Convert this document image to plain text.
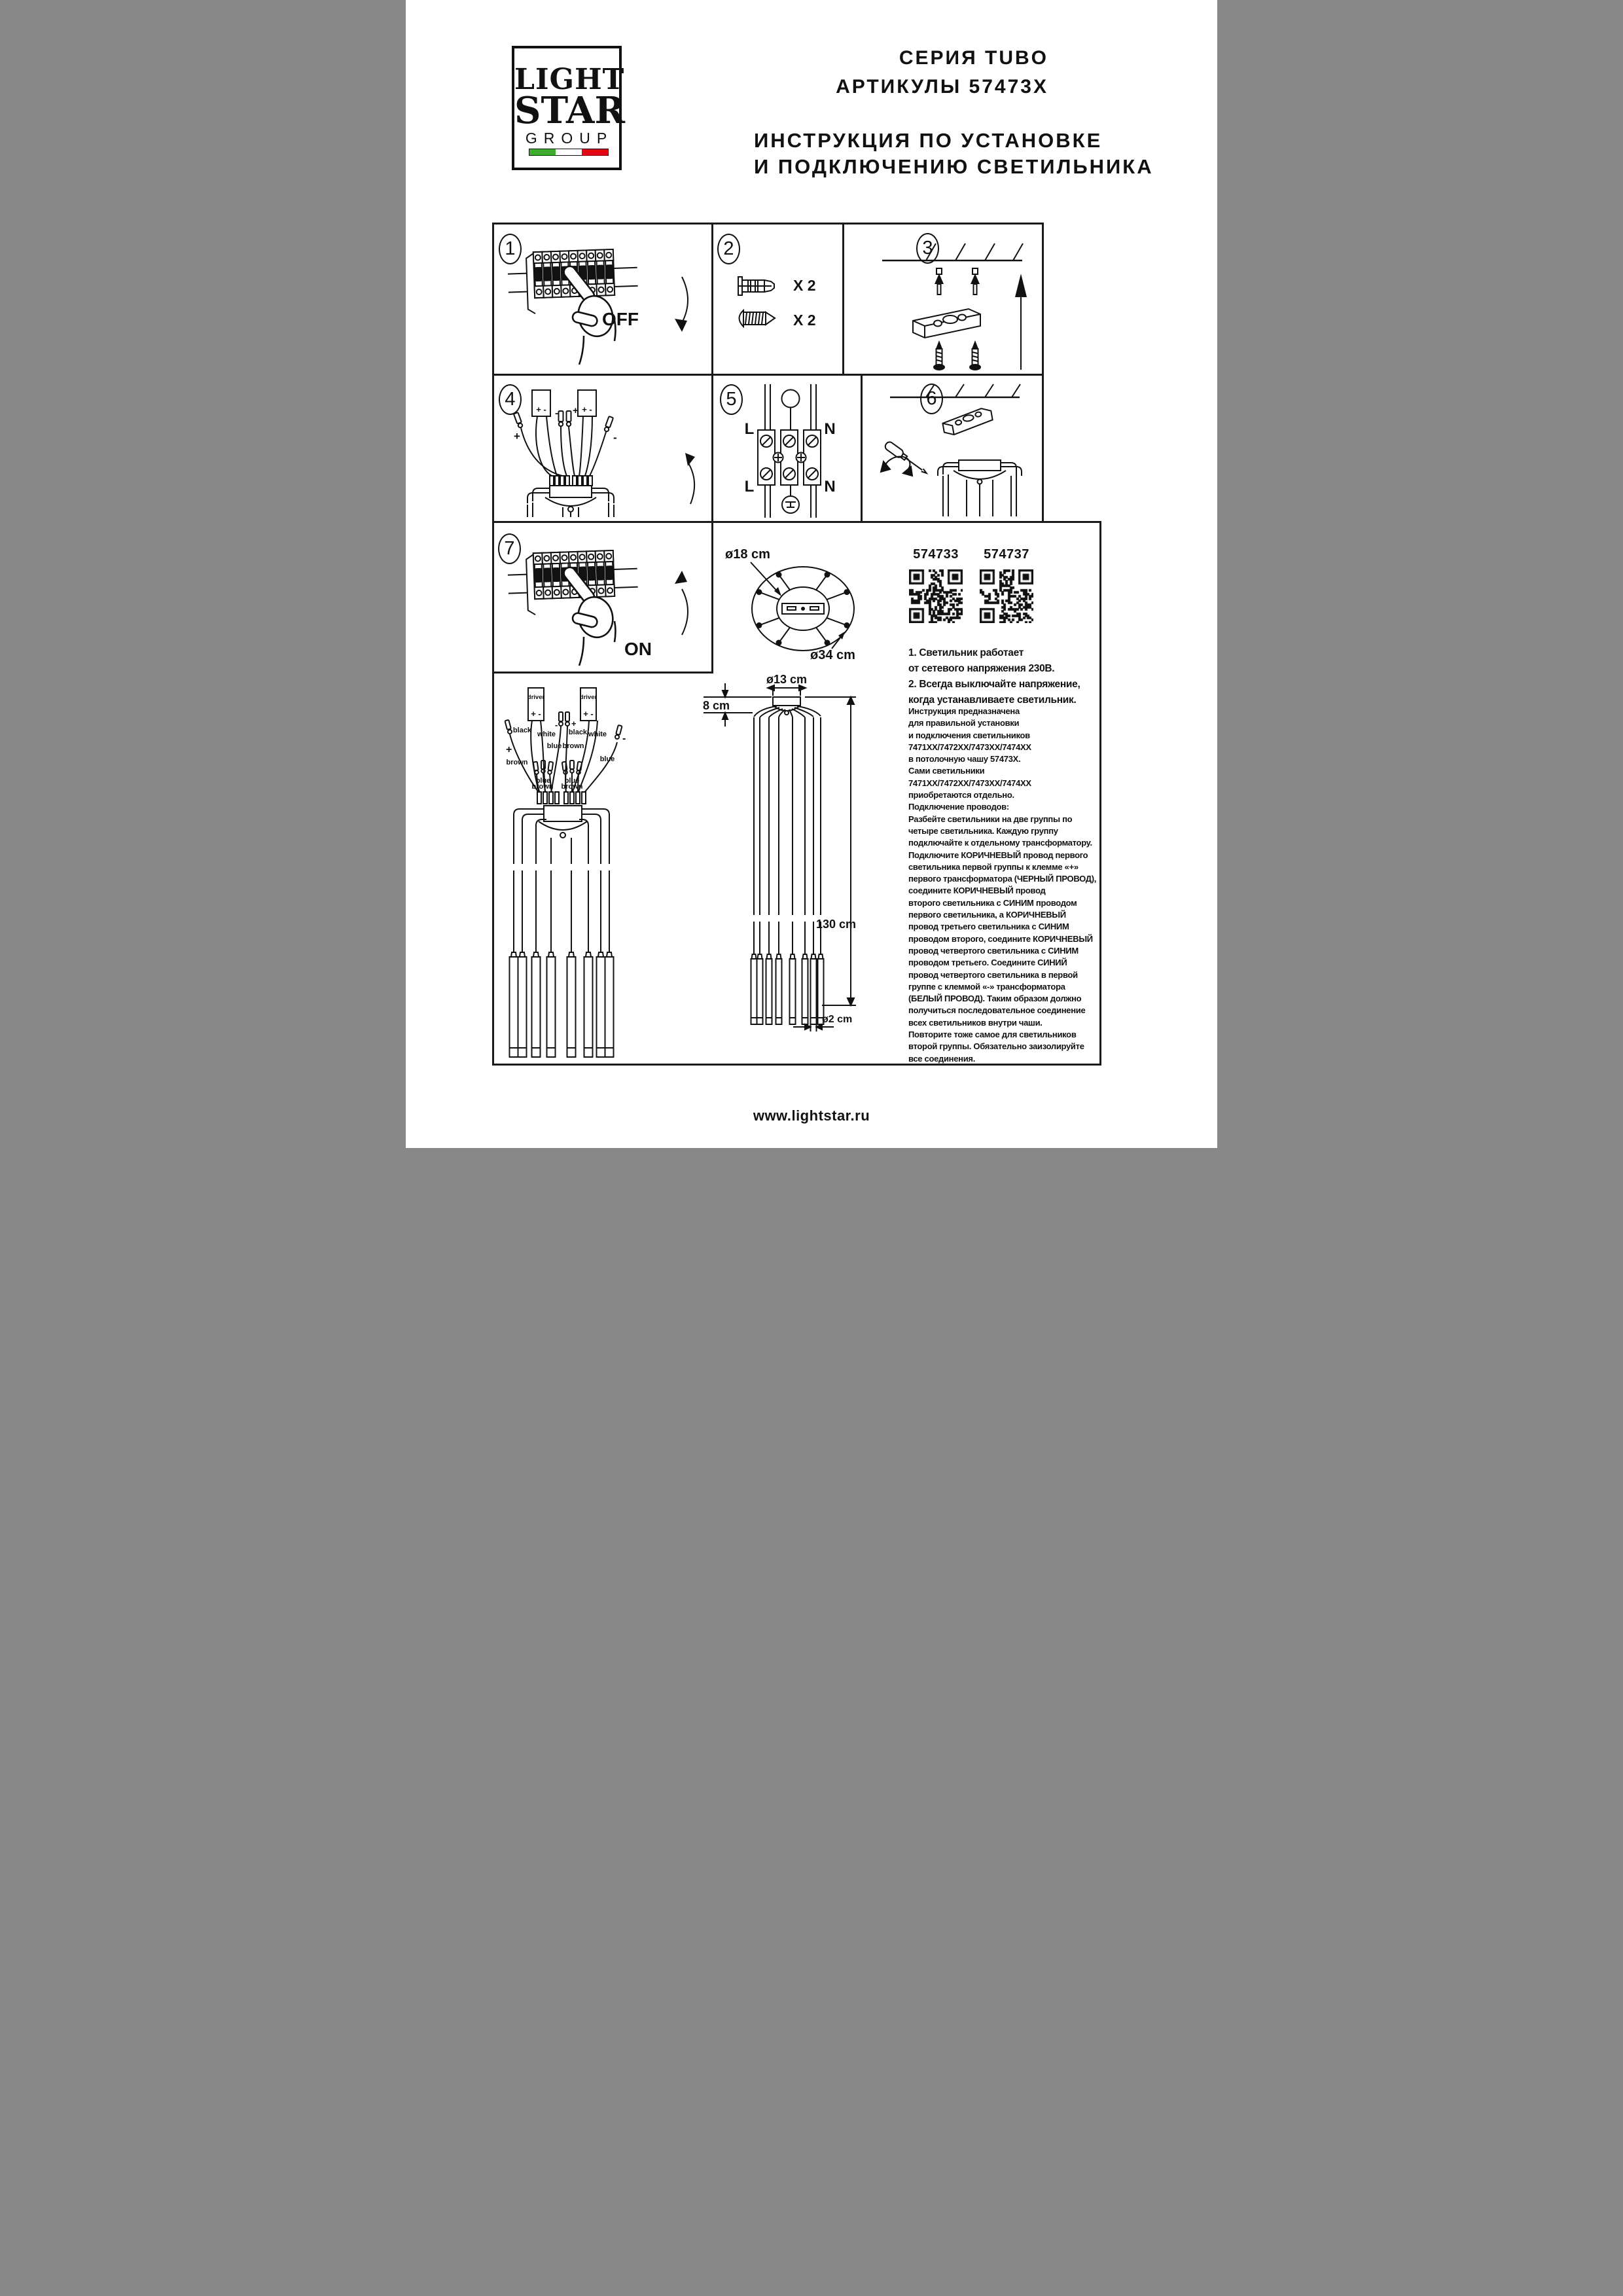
LIGHT
STAR
GROUP
СЕРИЯ TUBO
АРТИКУЛЫ 57473X
ИНСТРУКЦИЯ ПО УСТАНОВКЕ
И ПОДКЛЮЧЕНИЮ СВЕТИЛЬНИКА
1	2	3
4	5	6
7
OFF
X 2
X 2
+ -	+ -
- +
+	-	L	N
L	N
ON
ø18 cm
ø34 cm
574733	574737
1. Светильник работает
от сетевого напряжения 230В.
2. Всегда выключайте напряжение,
когда устанавливаете светильник.
driver	driver
+ -	+ -
black white black white
blue brown
blue
brown
blue
brown
blue
brown
- +
+
-
ø13 cm
8 cm
130 cm
ø2 cm
Инструкция предназначена
для правильной установки
и подключения светильников
7471XX/7472XX/7473XX/7474XX
в потолочную чашу 57473X.
Сами светильники
7471XX/7472XX/7473XX/7474XX
приобретаются отдельно.
Подключение проводов:
Разбейте светильники на две группы по
четыре светильника. Каждую группу
подключайте к отдельному трансформатору.
Подключите КОРИЧНЕВЫЙ провод первого
светильника первой группы к клемме «+»
первого трансформатора (ЧЕРНЫЙ ПРОВОД),
соедините КОРИЧНЕВЫЙ провод
второго светильника с СИНИМ проводом
первого светильника, а КОРИЧНЕВЫЙ
провод третьего светильника с СИНИМ
проводом второго, соедините КОРИЧНЕВЫЙ
провод четвертого светильника с СИНИМ
проводом третьего. Соедините СИНИЙ
провод четвертого светильника в первой
группе с клеммой «-» трансформатора
(БЕЛЫЙ ПРОВОД). Таким образом должно
получиться последовательное соединение
всех светильников внутри чаши.
Повторите тоже самое для светильников
второй группы. Обязательно заизолируйте
все соединения.
www.lightstar.ru
